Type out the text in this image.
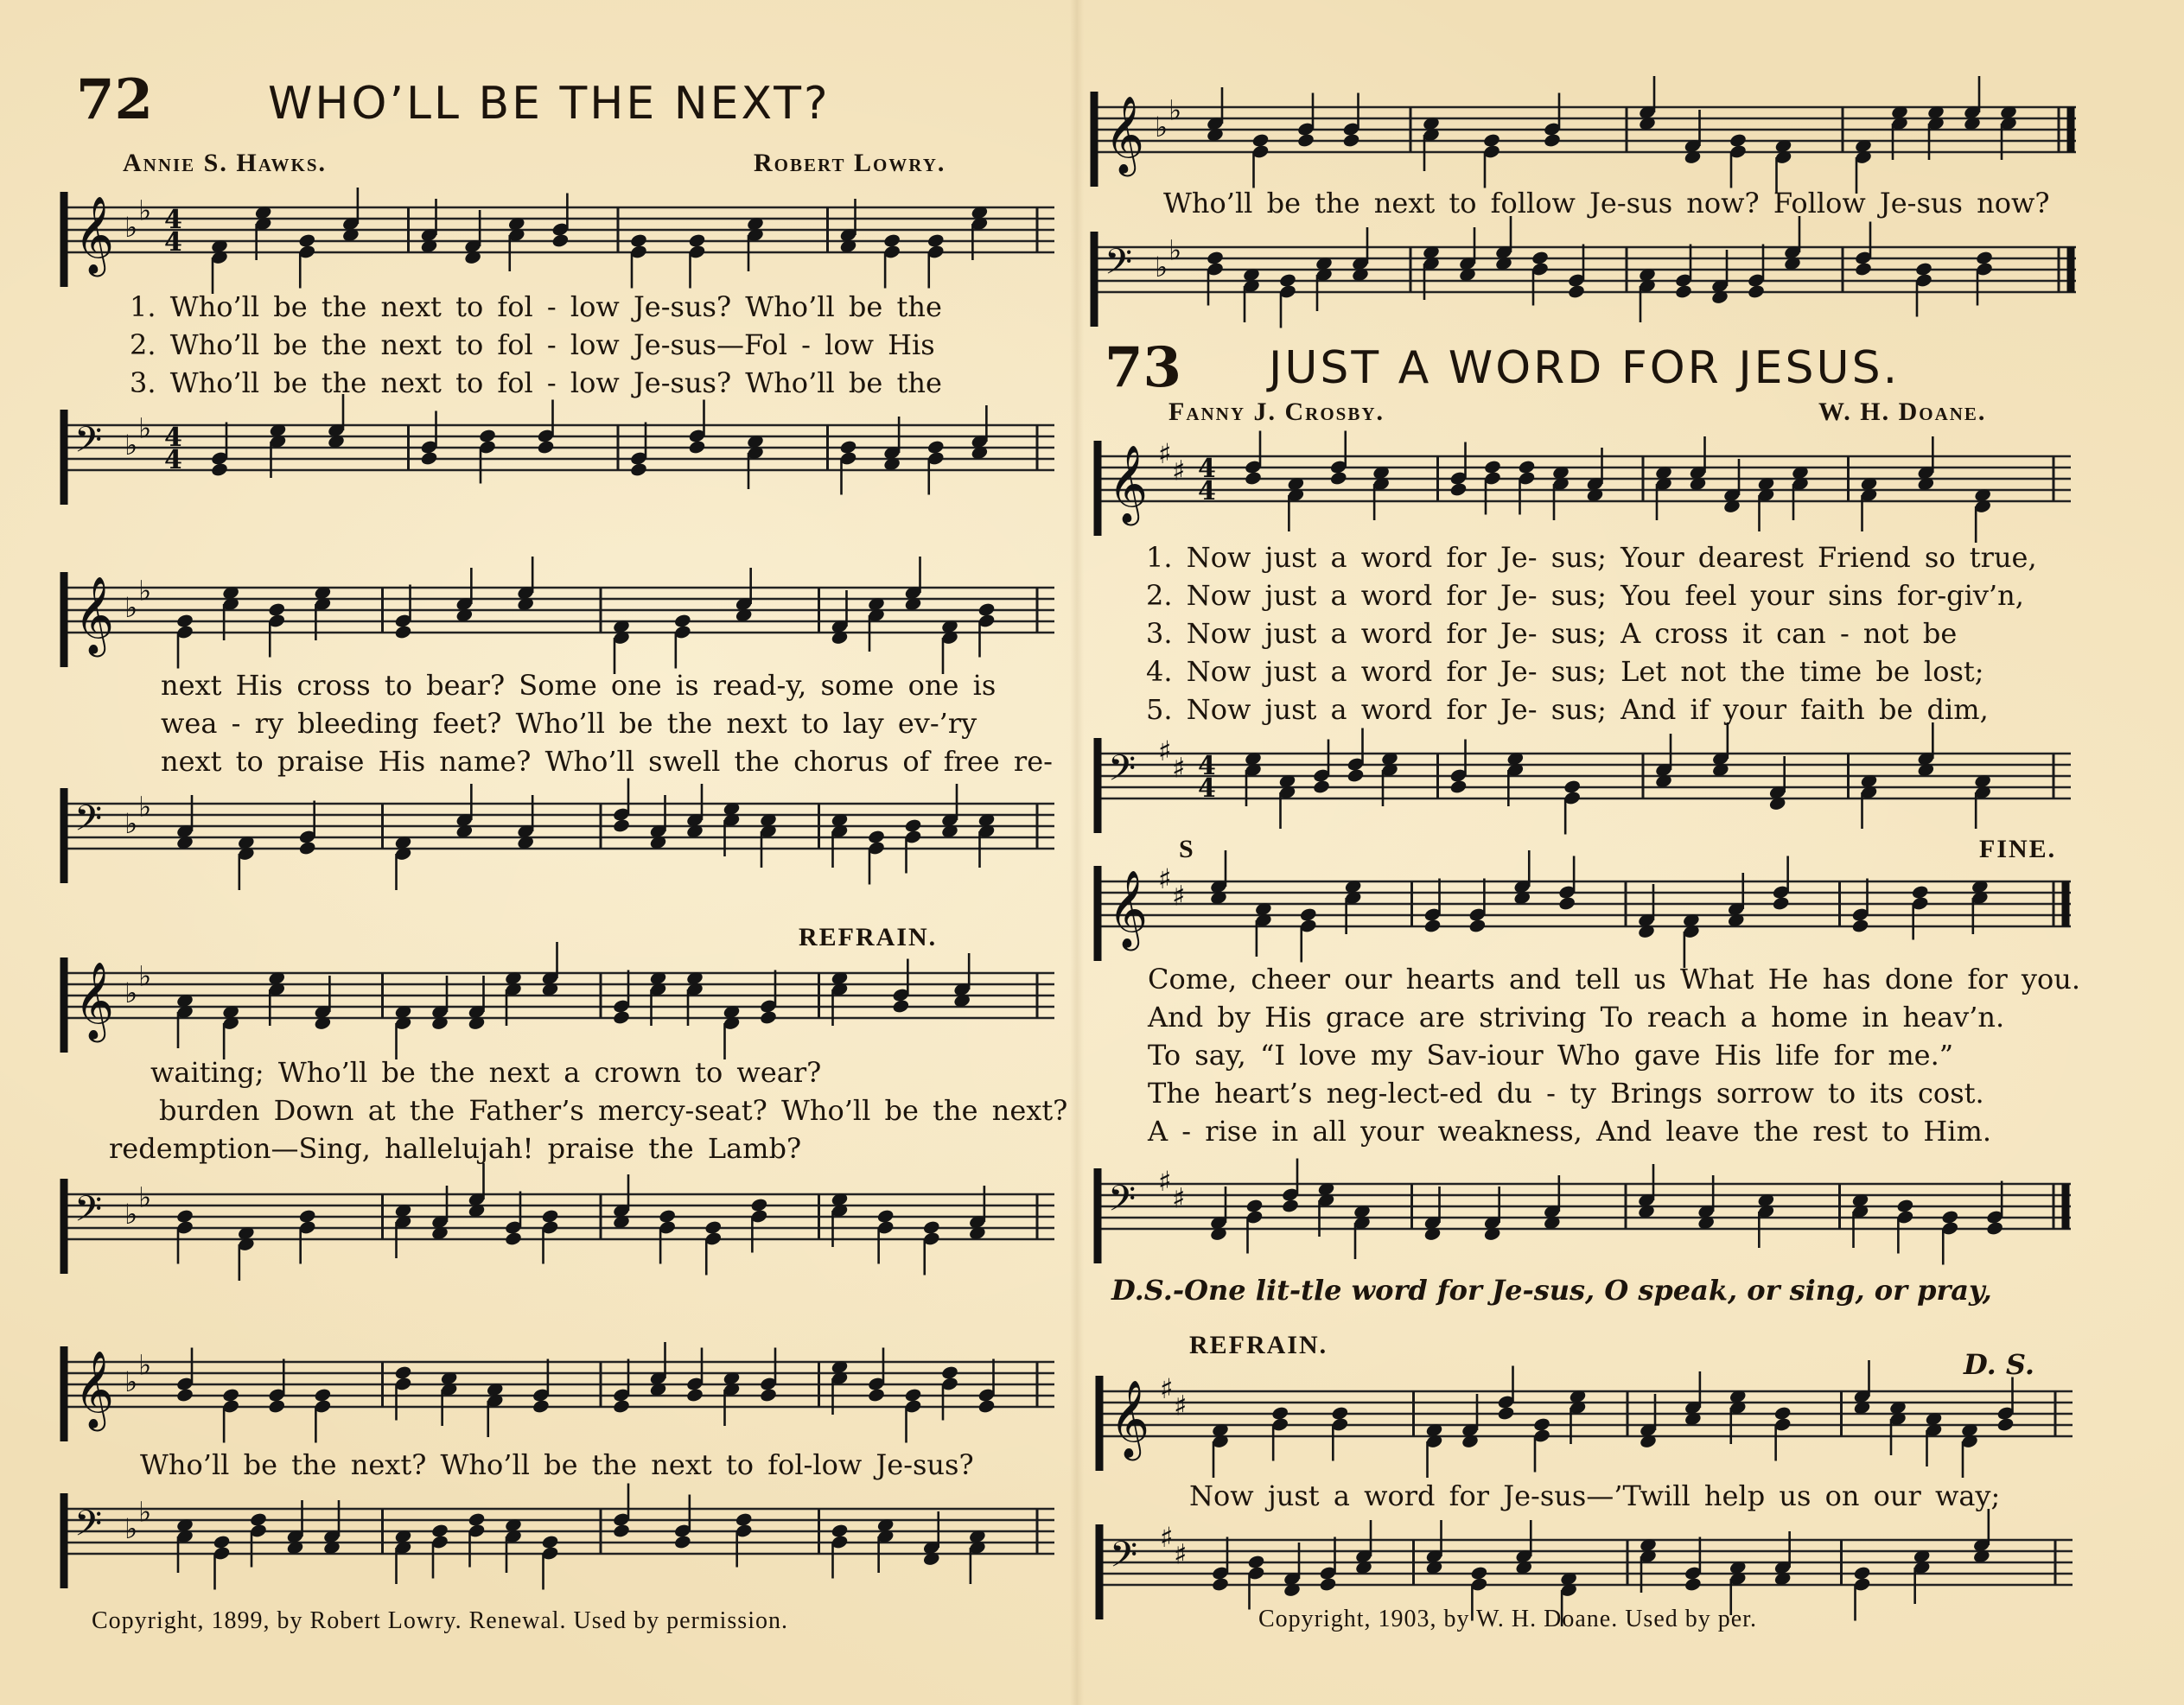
72	WHO’LL BE THE NEXT?
Annie S. Hawks.	Robert Lowry.
𝄞 ♭
♭ 4
4
1. Who’ll be the next to fol - low Je-sus? Who’ll be the
2. Who’ll be the next to fol - low Je-sus—Fol - low His
3. Who’ll be the next to fol - low Je-sus? Who’ll be the
𝄢 ♭
♭ 4
4
𝄞 ♭
♭
next His cross to bear? Some one is read-y, some one is
wea - ry bleeding feet? Who’ll be the next to lay ev-’ry
next to praise His name? Who’ll swell the chorus of free re-
𝄢 ♭
♭
REFRAIN.
𝄞 ♭
♭
waiting; Who’ll be the next a crown to wear?
burden Down at the Father’s mercy-seat? Who’ll be the next?
redemption—Sing, hallelujah! praise the Lamb?
𝄢 ♭
♭
𝄞 ♭
♭
Who’ll be the next? Who’ll be the next to fol-low Je-sus?
𝄢 ♭
♭
Copyright, 1899, by Robert Lowry. Renewal. Used by permission.
𝄞 ♭
♭
Who’ll be the next to follow Je-sus now? Follow Je-sus now?
𝄢 ♭
♭
73 JUST A WORD FOR JESUS.
Fanny J. Crosby.	W. H. Doane.
𝄞 ♯
♯ 4
4
1. Now just a word for Je- sus; Your dearest Friend so true,
2. Now just a word for Je- sus; You feel your sins for-giv’n,
3. Now just a word for Je- sus; A cross it can - not be
4. Now just a word for Je- sus; Let not the time be lost;
5. Now just a word for Je- sus; And if your faith be dim,
𝄢 ♯
♯ 4
4
S	FINE.
𝄞 ♯
♯
Come, cheer our hearts and tell us What He has done for you.
And by His grace are striving To reach a home in heav’n.
To say, “I love my Sav-iour Who gave His life for me.”
The heart’s neg-lect-ed du - ty Brings sorrow to its cost.
A - rise in all your weakness, And leave the rest to Him.
𝄢 ♯
♯
D.S.-One lit-tle word for Je-sus, O speak, or sing, or pray,
REFRAIN.
D. S.
𝄞 ♯
♯
Now just a word for Je-sus—’Twill help us on our way;
𝄢 ♯
♯
Copyright, 1903, by W. H. Doane. Used by per.
